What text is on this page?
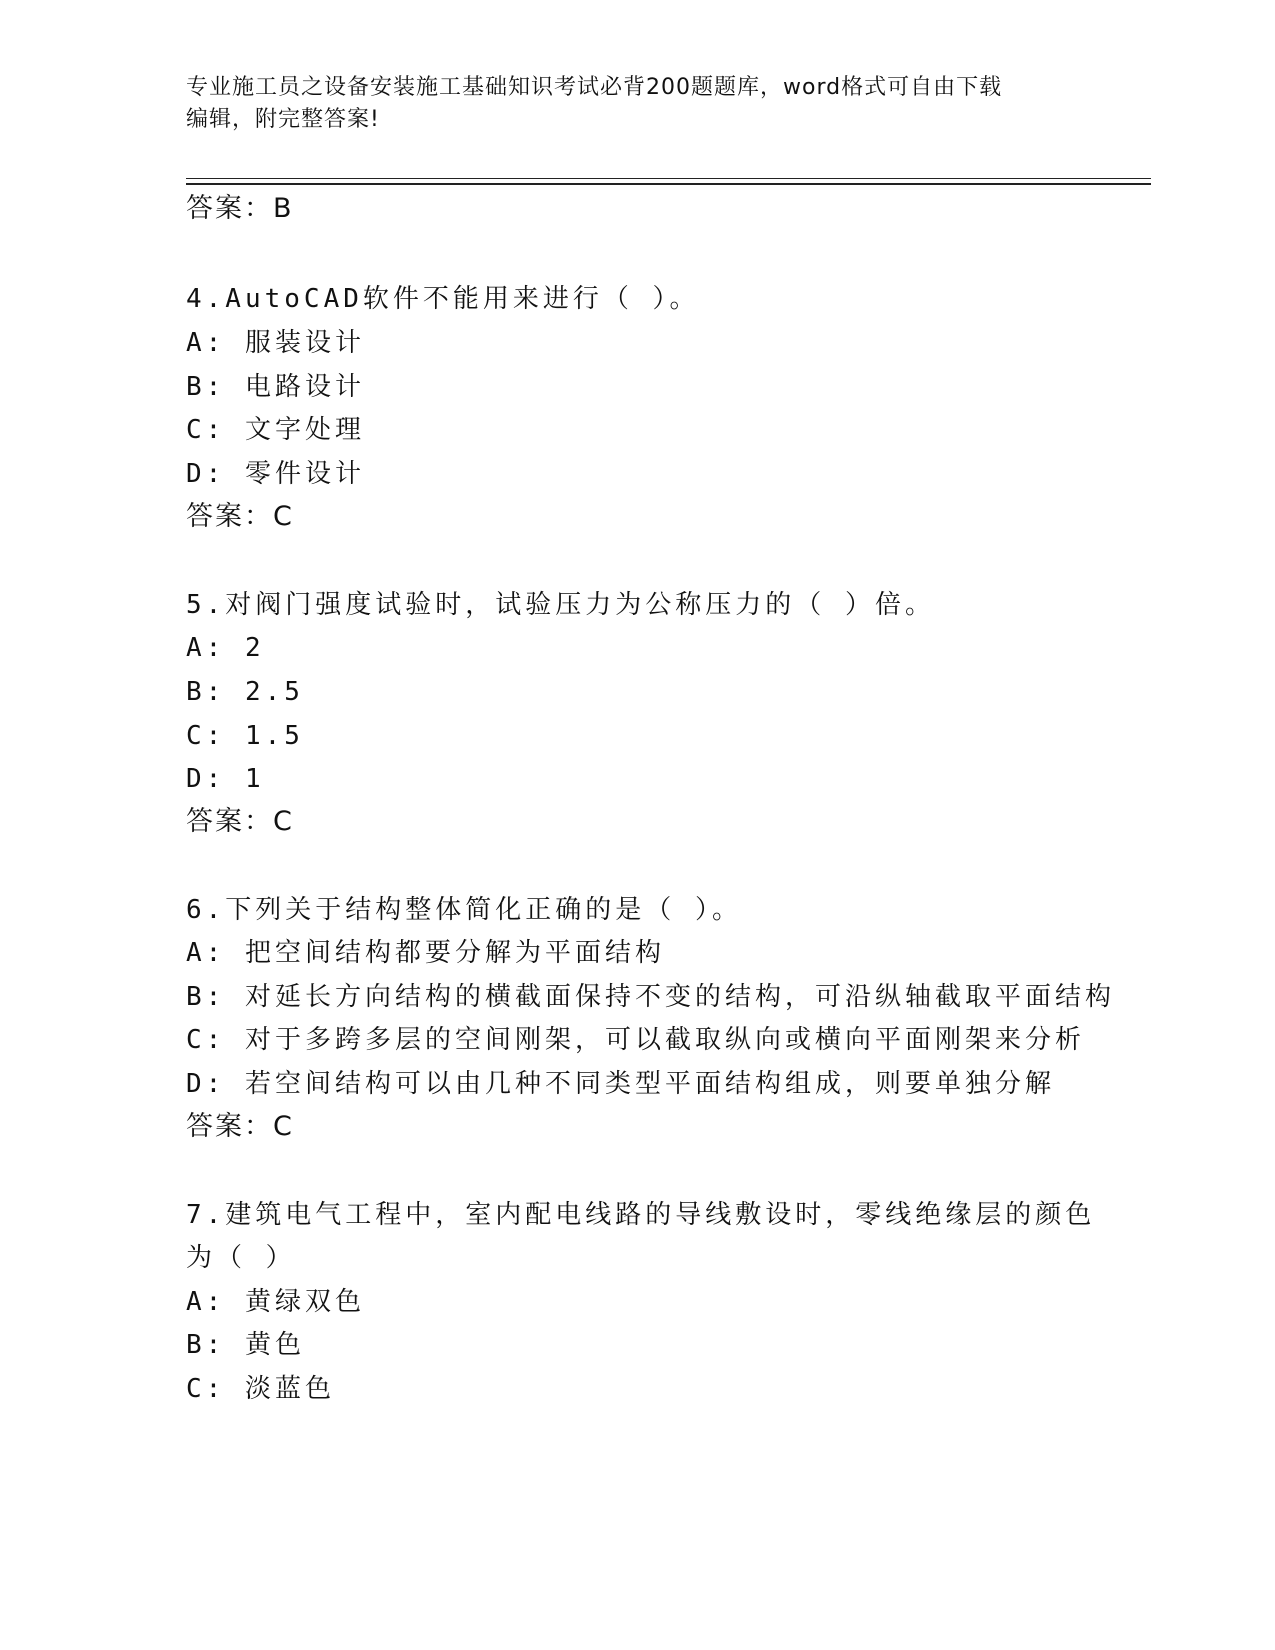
专业施工员之设备安装施工基础知识考试必背200题题库，word格式可自由下载
编辑，附完整答案!
答案：B
4.AutoCAD软件不能用来进行（ ）。
A: 服装设计
B: 电路设计
C: 文字处理
D: 零件设计
答案：C
5.对阀门强度试验时，试验压力为公称压力的（ ）倍。
A: 2
B: 2.5
C: 1.5
D: 1
答案：C
6.下列关于结构整体简化正确的是（ ）。
A: 把空间结构都要分解为平面结构
B: 对延长方向结构的横截面保持不变的结构，可沿纵轴截取平面结构
C: 对于多跨多层的空间刚架，可以截取纵向或横向平面刚架来分析
D: 若空间结构可以由几种不同类型平面结构组成，则要单独分解
答案：C
7.建筑电气工程中，室内配电线路的导线敷设时，零线绝缘层的颜色
为（ ）
A: 黄绿双色
B: 黄色
C: 淡蓝色
